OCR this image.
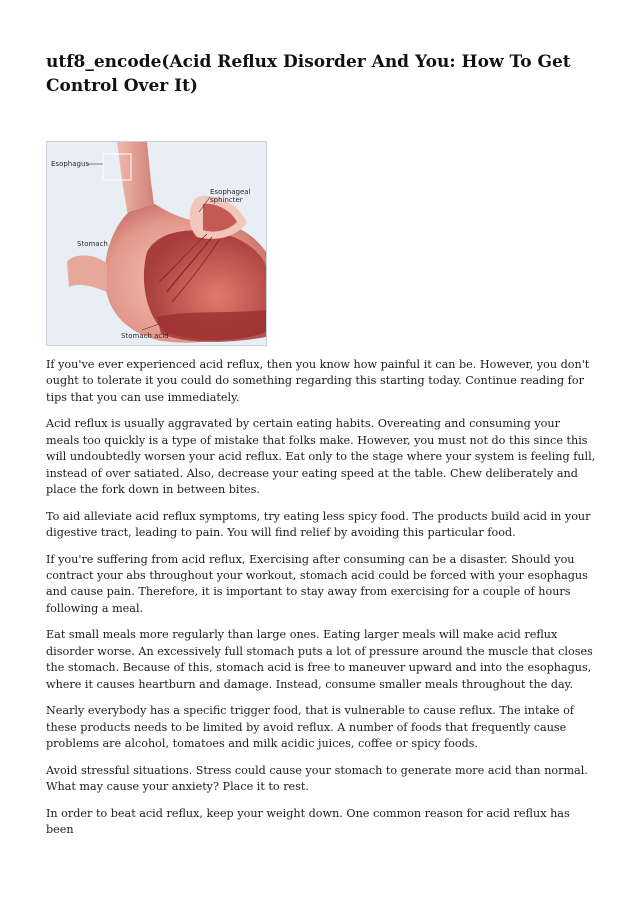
utf8_encode(Acid Reflux Disorder And You: How To Get Control Over It)
Esophagus
Esophageal sphincter
Stomach
Stomach acid

If you've ever experienced acid reflux, then you know how painful it can be. However, you don't ought to tolerate it you could do something regarding this starting today. Continue reading for tips that you can use immediately.

Acid reflux is usually aggravated by certain eating habits. Overeating and consuming your meals too quickly is a type of mistake that folks make. However, you must not do this since this will undoubtedly worsen your acid reflux. Eat only to the stage where your system is feeling full, instead of over satiated. Also, decrease your eating speed at the table. Chew deliberately and place the fork down in between bites.

To aid alleviate acid reflux symptoms, try eating less spicy food. The products build acid in your digestive tract, leading to pain. You will find relief by avoiding this particular food.

If you're suffering from acid reflux, Exercising after consuming can be a disaster. Should you contract your abs throughout your workout, stomach acid could be forced with your esophagus and cause pain. Therefore, it is important to stay away from exercising for a couple of hours following a meal.

Eat small meals more regularly than large ones. Eating larger meals will make acid reflux disorder worse. An excessively full stomach puts a lot of pressure around the muscle that closes the stomach. Because of this, stomach acid is free to maneuver upward and into the esophagus, where it causes heartburn and damage. Instead, consume smaller meals throughout the day.

Nearly everybody has a specific trigger food, that is vulnerable to cause reflux. The intake of these products needs to be limited by avoid reflux. A number of foods that frequently cause problems are alcohol, tomatoes and milk acidic juices, coffee or spicy foods.

Avoid stressful situations. Stress could cause your stomach to generate more acid than normal. What may cause your anxiety? Place it to rest.

In order to beat acid reflux, keep your weight down. One common reason for acid reflux has been
